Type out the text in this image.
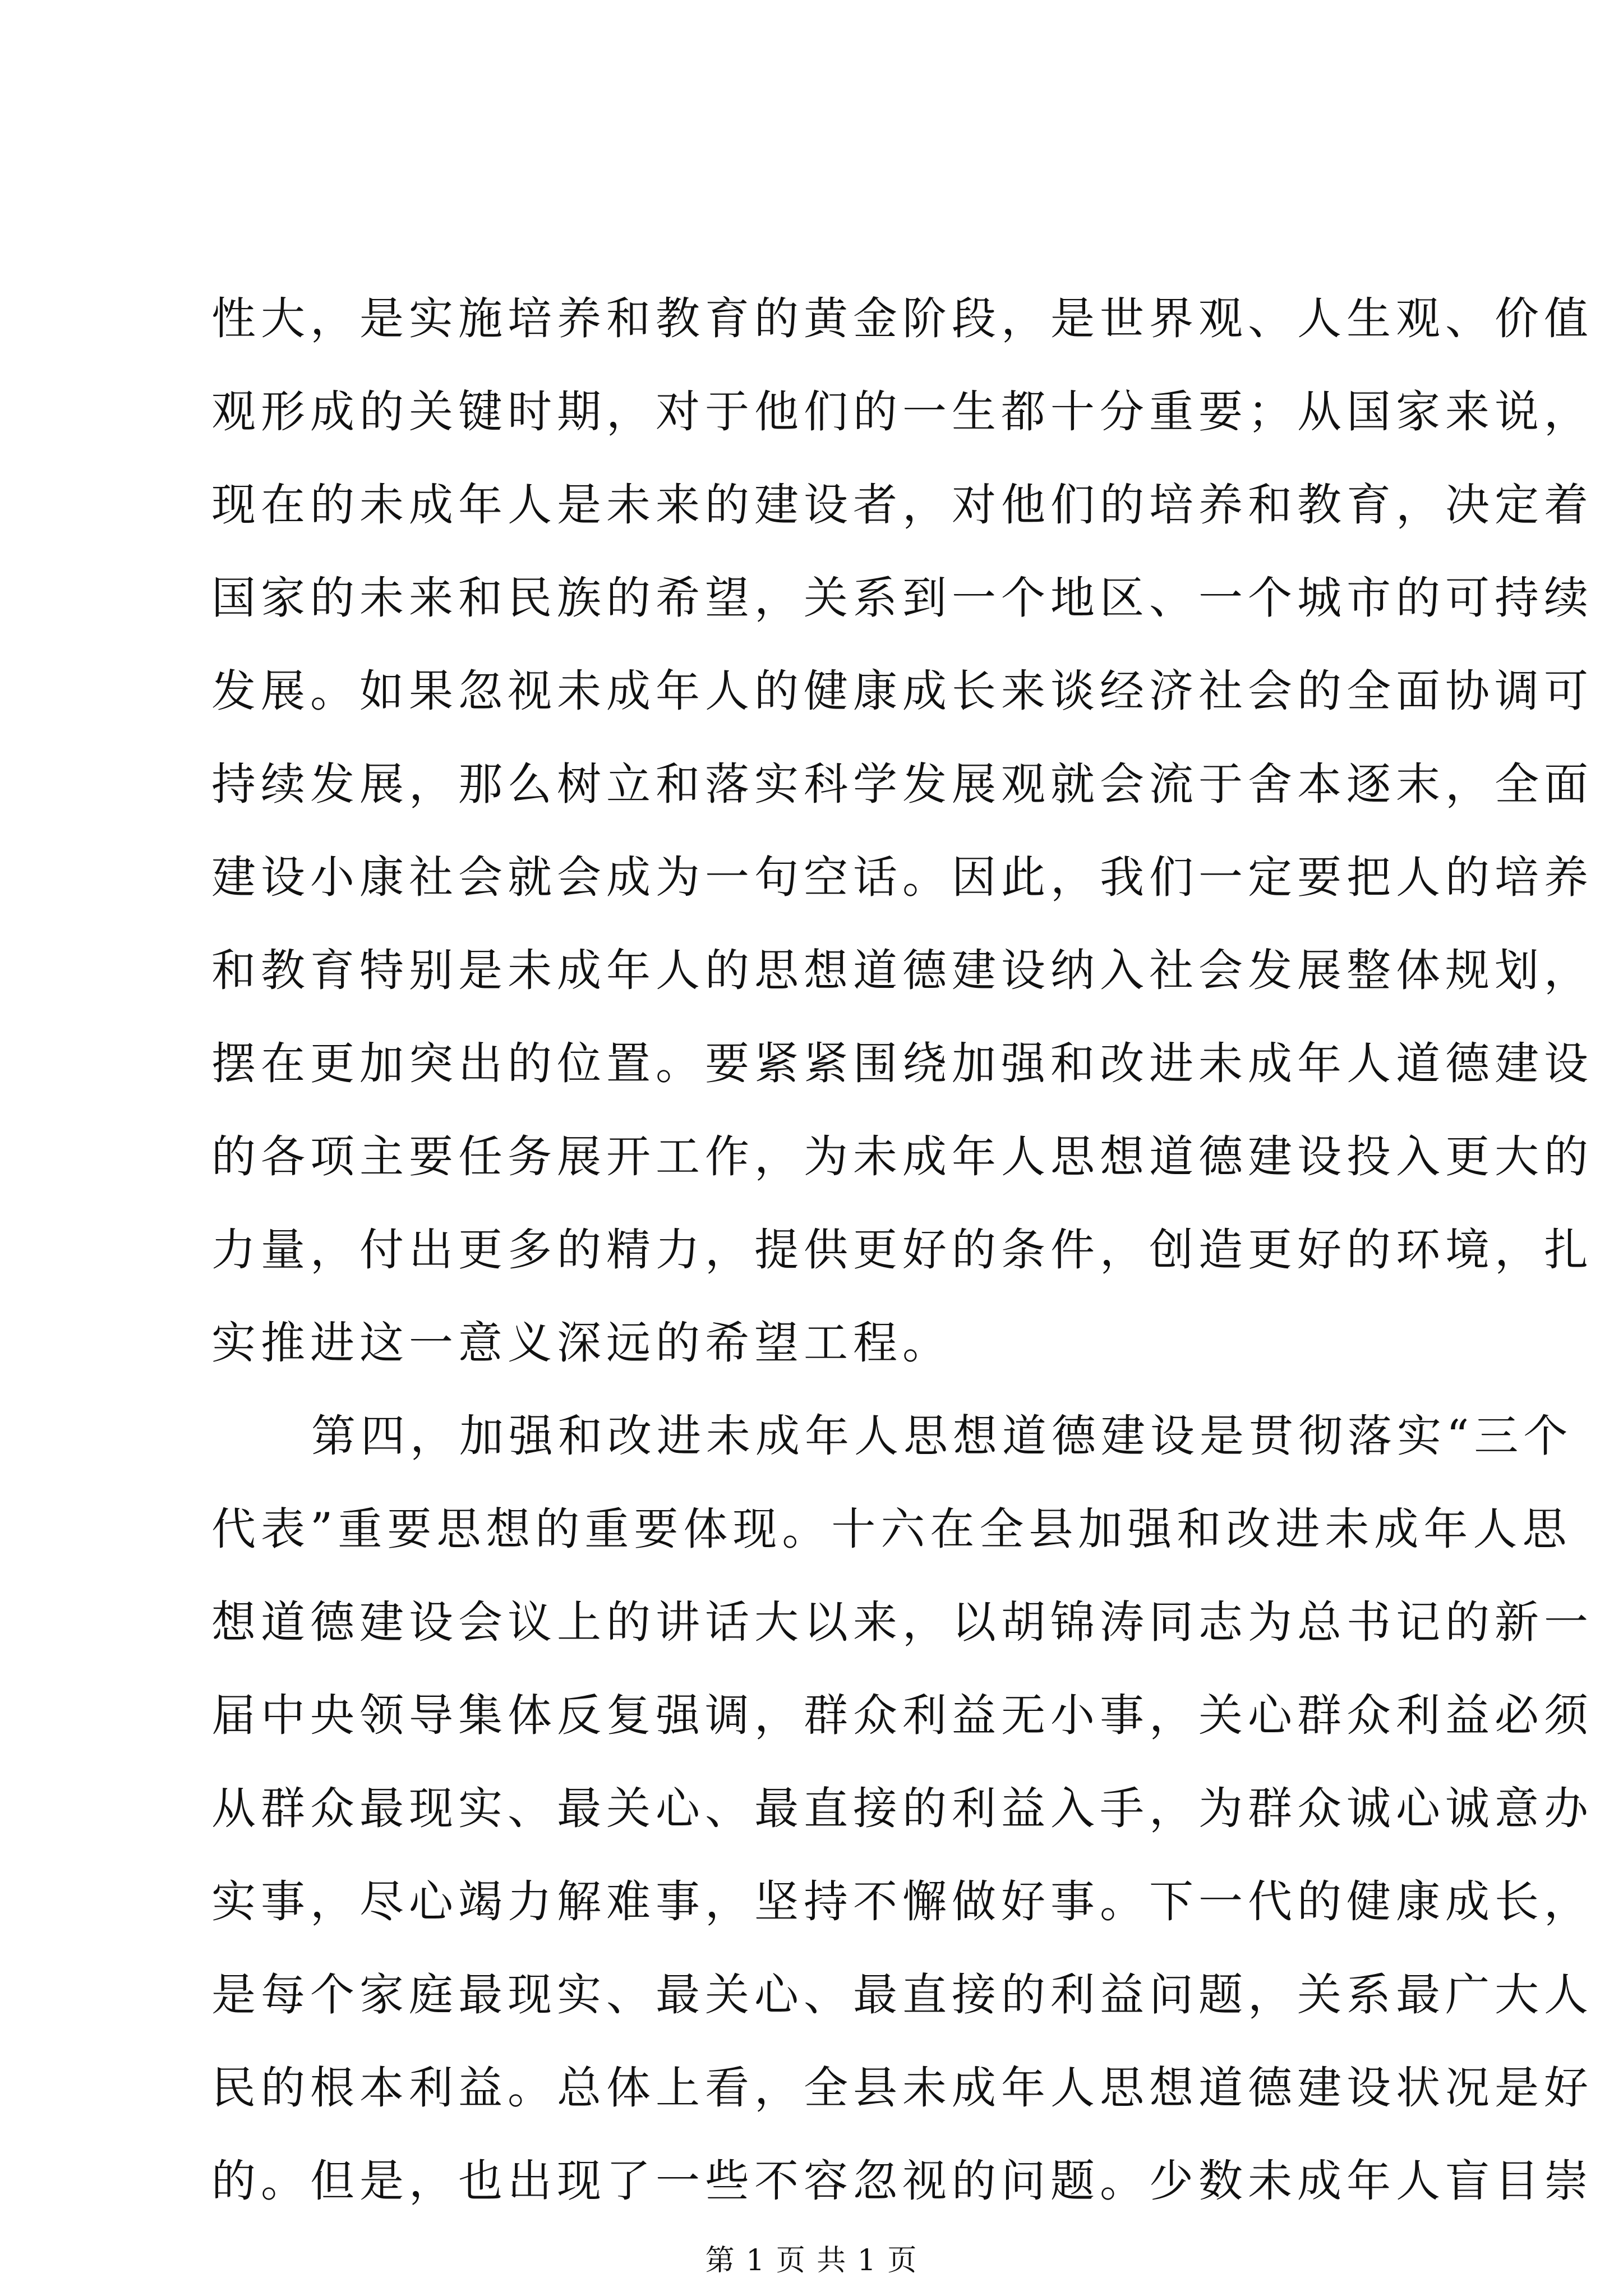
性大，是实施培养和教育的黄金阶段，是世界观、人生观、价值
观形成的关键时期，对于他们的一生都十分重要；从国家来说，
现在的未成年人是未来的建设者，对他们的培养和教育，决定着
国家的未来和民族的希望，关系到一个地区、一个城市的可持续
发展。如果忽视未成年人的健康成长来谈经济社会的全面协调可
持续发展，那么树立和落实科学发展观就会流于舍本逐末，全面
建设小康社会就会成为一句空话。因此，我们一定要把人的培养
和教育特别是未成年人的思想道德建设纳入社会发展整体规划，
摆在更加突出的位置。要紧紧围绕加强和改进未成年人道德建设
的各项主要任务展开工作，为未成年人思想道德建设投入更大的
力量，付出更多的精力，提供更好的条件，创造更好的环境，扎
实推进这一意义深远的希望工程。
第四，加强和改进未成年人思想道德建设是贯彻落实“三个
代表”重要思想的重要体现。十六在全县加强和改进未成年人思
想道德建设会议上的讲话大以来，以胡锦涛同志为总书记的新一
届中央领导集体反复强调，群众利益无小事，关心群众利益必须
从群众最现实、最关心、最直接的利益入手，为群众诚心诚意办
实事，尽心竭力解难事，坚持不懈做好事。下一代的健康成长，
是每个家庭最现实、最关心、最直接的利益问题，关系最广大人
民的根本利益。总体上看，全县未成年人思想道德建设状况是好
的。但是，也出现了一些不容忽视的问题。少数未成年人盲目崇
第 1 页 共 1 页
